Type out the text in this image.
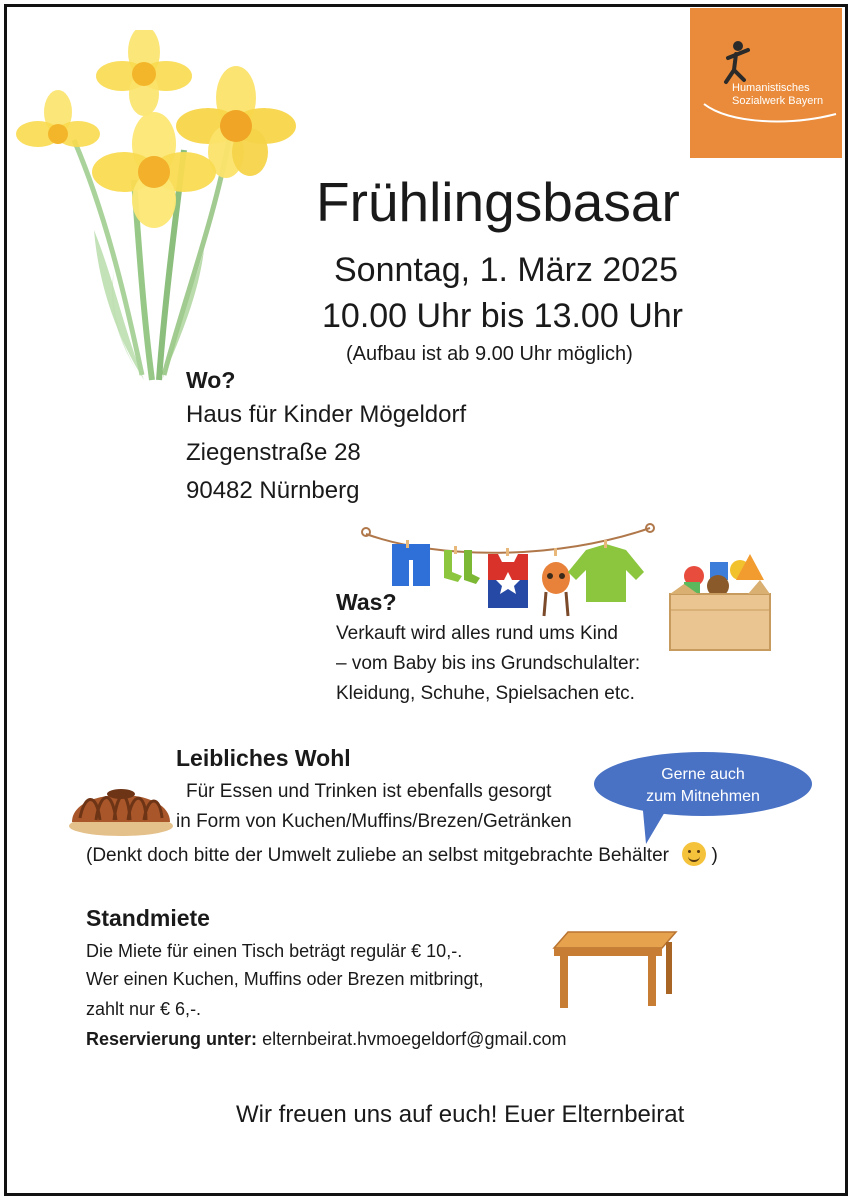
Humanistisches
Sozialwerk Bayern
Frühlingsbasar
Sonntag, 1. März 2025
10.00 Uhr bis 13.00 Uhr
(Aufbau ist ab 9.00 Uhr möglich)
Wo?
Haus für Kinder Mögeldorf
Ziegenstraße 28
90482 Nürnberg
Was?
Verkauft wird alles rund ums Kind
– vom Baby bis ins Grundschulalter:
Kleidung, Schuhe, Spielsachen etc.
Leibliches Wohl
Für Essen und Trinken ist ebenfalls gesorgt
in Form von Kuchen/Muffins/Brezen/Getränken
Gerne auch
zum Mitnehmen
(Denkt doch bitte der Umwelt zuliebe an selbst mitgebrachte Behälter )
Standmiete
Die Miete für einen Tisch beträgt regulär € 10,-.
Wer einen Kuchen, Muffins oder Brezen mitbringt,
zahlt nur € 6,-.
Reservierung unter: elternbeirat.hvmoegeldorf@gmail.com
Wir freuen uns auf euch! Euer Elternbeirat
